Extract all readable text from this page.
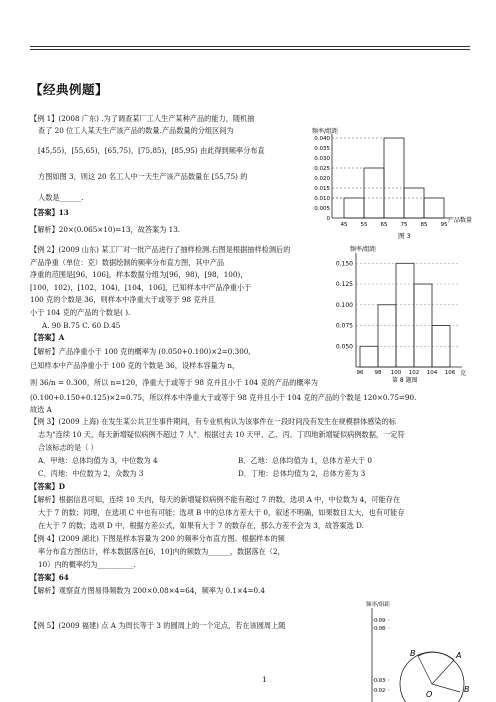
【经典例题】
【例 1】(2008 广东) .为了调查某厂工人生产某种产品的能力，随机抽
查了 20 位工人某天生产该产品的数量.产品数量的分组区间为
[45,55)，[55,65)，[65,75)，[75,85)，[85,95) 由此得到频率分布直
方图如图 3，则这 20 名工人中一天生产该产品数量在 [55,75) 的
人数是______.
【答案】13
【解析】20×(0.065×10)=13，故答案为 13.
频率/组距
产品数量
0.040
0.035
0.030
0.025
0.020
0.015
0.010
0.005
0
45 55 65 75 85 95
图 3
【例 2】(2009 山东) 某工厂对一批产品进行了抽样检测.右图是根据抽样检测后的
产品净重（单位：克）数据绘制的频率分布直方图，其中产品
净重的范围是[96，106]，样本数据分组为[96，98)，[98，100)，
[100，102)，[102，104)，[104，106]，已知样本中产品净重小于
100 克的个数是 36，则样本中净重大于或等于 98 克并且
小于 104 克的产品的个数是( ).
A. 90 B.75 C. 60 D.45
【答案】A
【解析】产品净重小于 100 克的概率为 (0.050+0.100)×2=0.300,
已知样本中产品净重小于 100 克的个数是 36，设样本容量为 n，
则 36/n = 0.300，所以 n=120，净重大于或等于 98 克并且小于 104 克的产品的概率为
(0.100+0.150+0.125)×2=0.75，所以样本中净重大于或等于 98 克并且小于 104 克的产品的个数是 120×0.75=90.
故选 A
频率/组距
克
0.150
0.125
0.100
0.075
0.050
96 98 100 102 104 106
第 8 题图
【例 3】(2009 上海) 在发生某公共卫生事件期间，有专业机构认为该事件在一段时间没有发生在规模群体感染的标
志为"连续 10 天，每天新增疑似病例不超过 7 人"．根据过去 10 天甲、乙、丙、丁四地新增疑似病例数据，一定符
合该标志的是（ ）
A．甲地：总体均值为 3，中位数为 4	B．乙地：总体均值为 1，总体方差大于 0
C．丙地：中位数为 2，众数为 3	D．丁地：总体均值为 2，总体方差为 3
【答案】D
【解析】根据信息可知，连续 10 天内，每天的新增疑似病例不能有超过 7 的数，选项 A 中，中位数为 4，可能存在
大于 7 的数；同理，在选项 C 中也有可能；选项 B 中的总体方差大于 0，叙述不明确，如果数目太大，也有可能存
在大于 7 的数；选项 D 中，根据方差公式，如果有大于 7 的数存在，那么方差不会为 3，故答案选 D.
【例 4】(2009 湖北) 下图是样本容量为 200 的频率分布直方图。根据样本的频
率分布直方图估计，样本数据落在[6，10]内的频数为______，数据落在（2，
10）内的概率约为__________.
【答案】64
【解析】观察直方图易得频数为 200×0.08×4=64，频率为 0.1×4=0.4
【例 5】(2009 福建) 点 A 为周长等于 3 的圆周上的一个定点，若在该圆周上随
频率/组距
0.09
0.08
0.03
0.02
A
B
B
O
1
